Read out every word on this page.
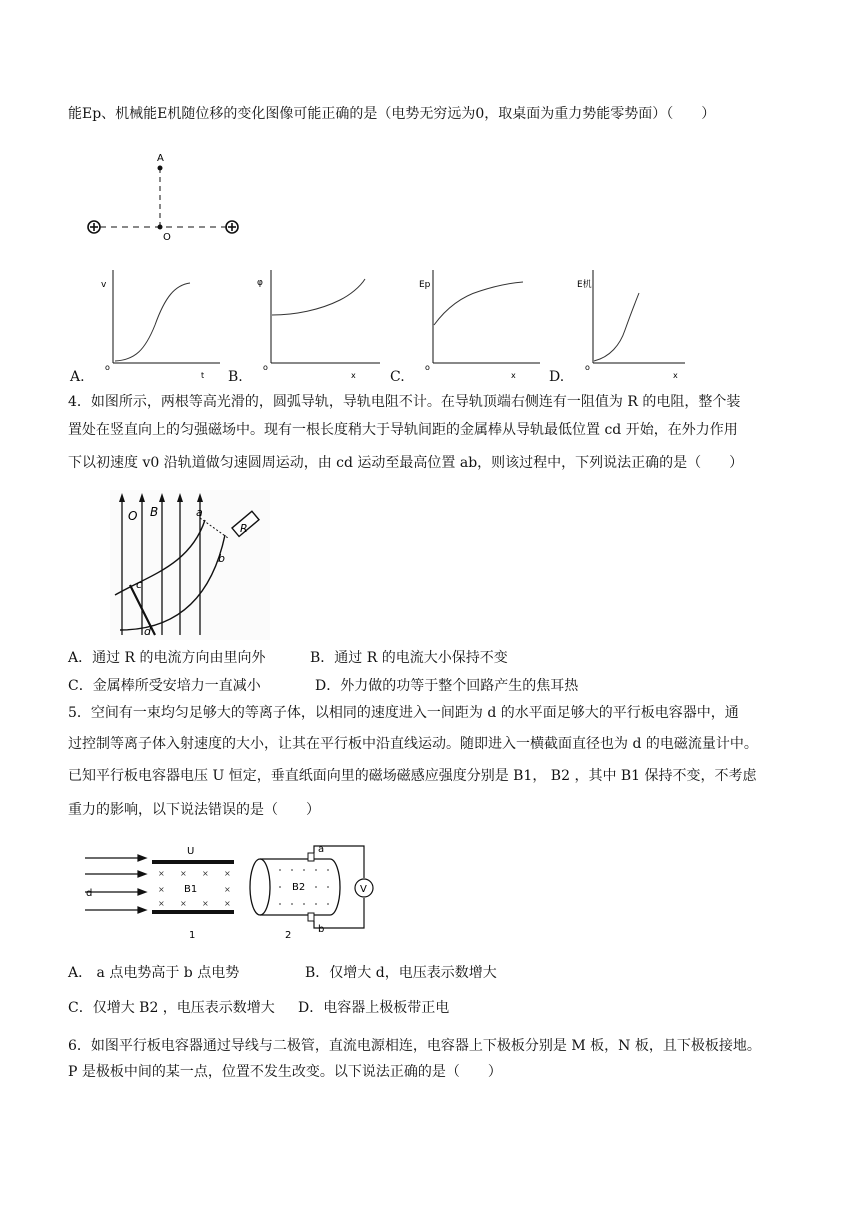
能Ep、机械能E机随位移的变化图像可能正确的是（电势无穷远为0，取桌面为重力势能零势面）（　　）
A
O
v
o
t
A.
φ
o
x
B.
Ep
o
x
C.
E机
o
x
D.
4．如图所示，两根等高光滑的，圆弧导轨，导轨电阻不计。在导轨顶端右侧连有一阻值为 R 的电阻，整个装
置处在竖直向上的匀强磁场中。现有一根长度稍大于导轨间距的金属棒从导轨最低位置 cd 开始，在外力作用
下以初速度 v0 沿轨道做匀速圆周运动，由 cd 运动至最高位置 ab，则该过程中，下列说法正确的是（　　）
O B	a
b
c
d
R
A．通过 R 的电流方向由里向外	B．通过 R 的电流大小保持不变
C．金属棒所受安培力一直减小	D．外力做的功等于整个回路产生的焦耳热
5．空间有一束均匀足够大的等离子体，以相同的速度进入一间距为 d 的水平面足够大的平行板电容器中，通
过控制等离子体入射速度的大小，让其在平行板中沿直线运动。随即进入一横截面直径也为 d 的电磁流量计中。
已知平行板电容器电压 U 恒定，垂直纸面向里的磁场磁感应强度分别是 B1， B2 ，其中 B1 保持不变，不考虑
重力的影响，以下说法错误的是（　　）
d
U
× × × ×
×	×
× × × ×
B1
1
B2
2
a
b
V
A． a 点电势高于 b 点电势	B．仅增大 d，电压表示数增大
C．仅增大 B2 ，电压表示数增大 D．电容器上极板带正电
6．如图平行板电容器通过导线与二极管，直流电源相连，电容器上下极板分别是 M 板，N 板，且下极板接地。
P 是极板中间的某一点，位置不发生改变。以下说法正确的是（　　）
